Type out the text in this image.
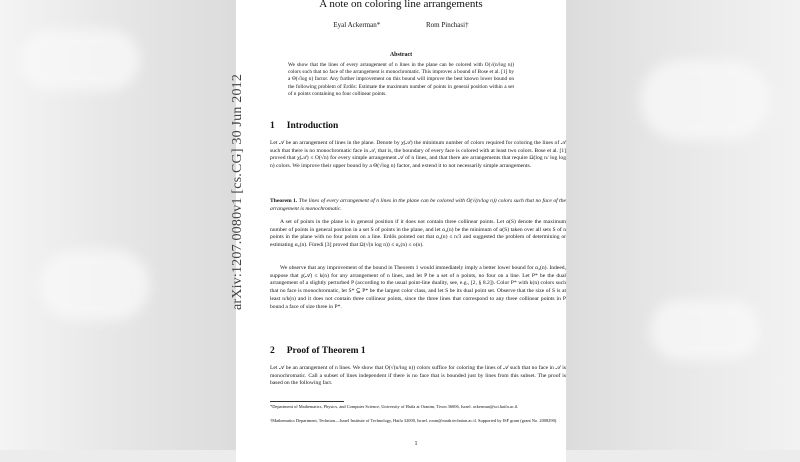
arXiv:1207.0080v1 [cs.CG] 30 Jun 2012
A note on coloring line arrangements
Eyal Ackerman*	Rom Pinchasi†
Abstract
We show that the lines of every arrangement of n lines in the plane can be colored with O(√(n/log n)) colors such that no face of the arrangement is monochromatic. This improves a bound of Bose et al. [1] by a Θ(√log n) factor. Any further improvement on this bound will improve the best known lower bound on the following problem of Erdős: Estimate the maximum number of points in general position within a set of n points containing no four collinear points.
1 Introduction
Let 𝒜 be an arrangement of lines in the plane. Denote by χ(𝒜) the minimum number of colors required for coloring the lines of 𝒜 such that there is no monochromatic face in 𝒜, that is, the boundary of every face is colored with at least two colors. Bose et al. [1] proved that χ(𝒜) ≤ O(√n) for every simple arrangement 𝒜 of n lines, and that there are arrangements that require Ω(log n/ log log n) colors. We improve their upper bound by a Θ(√log n) factor, and extend it to not necessarily simple arrangements.
Theorem 1. The lines of every arrangement of n lines in the plane can be colored with O(√(n/log n)) colors such that no face of the arrangement is monochromatic.
A set of points in the plane is in general position if it does not contain three collinear points. Let α(S) denote the maximum number of points in general position in a set S of points in the plane, and let α₄(n) be the minimum of α(S) taken over all sets S of n points in the plane with no four points on a line. Erdős pointed out that α₄(n) ≤ n/3 and suggested the problem of determining or estimating α₄(n). Füredi [3] proved that Ω(√(n log n)) ≤ α₄(n) ≤ o(n).
We observe that any improvement of the bound in Theorem 1 would immediately imply a better lower bound for α₄(n). Indeed, suppose that χ(𝒜) ≤ k(n) for any arrangement of n lines, and let P be a set of n points, no four on a line. Let P* be the dual arrangement of a slightly perturbed P (according to the usual point-line duality, see, e.g., [2, § 8.2]). Color P* with k(n) colors such that no face is monochromatic, let S* ⊆ P* be the largest color class, and let S be its dual point set. Observe that the size of S is at least n/k(n) and it does not contain three collinear points, since the three lines that correspond to any three collinear points in P bound a face of size three in P*.
2 Proof of Theorem 1
Let 𝒜 be an arrangement of n lines. We show that O(√(n/log n)) colors suffice for coloring the lines of 𝒜 such that no face in 𝒜 is monochromatic. Call a subset of lines independent if there is no face that is bounded just by lines from this subset. The proof is based on the following fact.
*Department of Mathematics, Physics, and Computer Science, University of Haifa at Oranim, Tivon 36006, Israel. ackerman@sci.haifa.ac.il.
†Mathematics Department, Technion—Israel Institute of Technology, Haifa 32000, Israel. room@math.technion.ac.il. Supported by ISF grant (grant No. 2008290).
1
